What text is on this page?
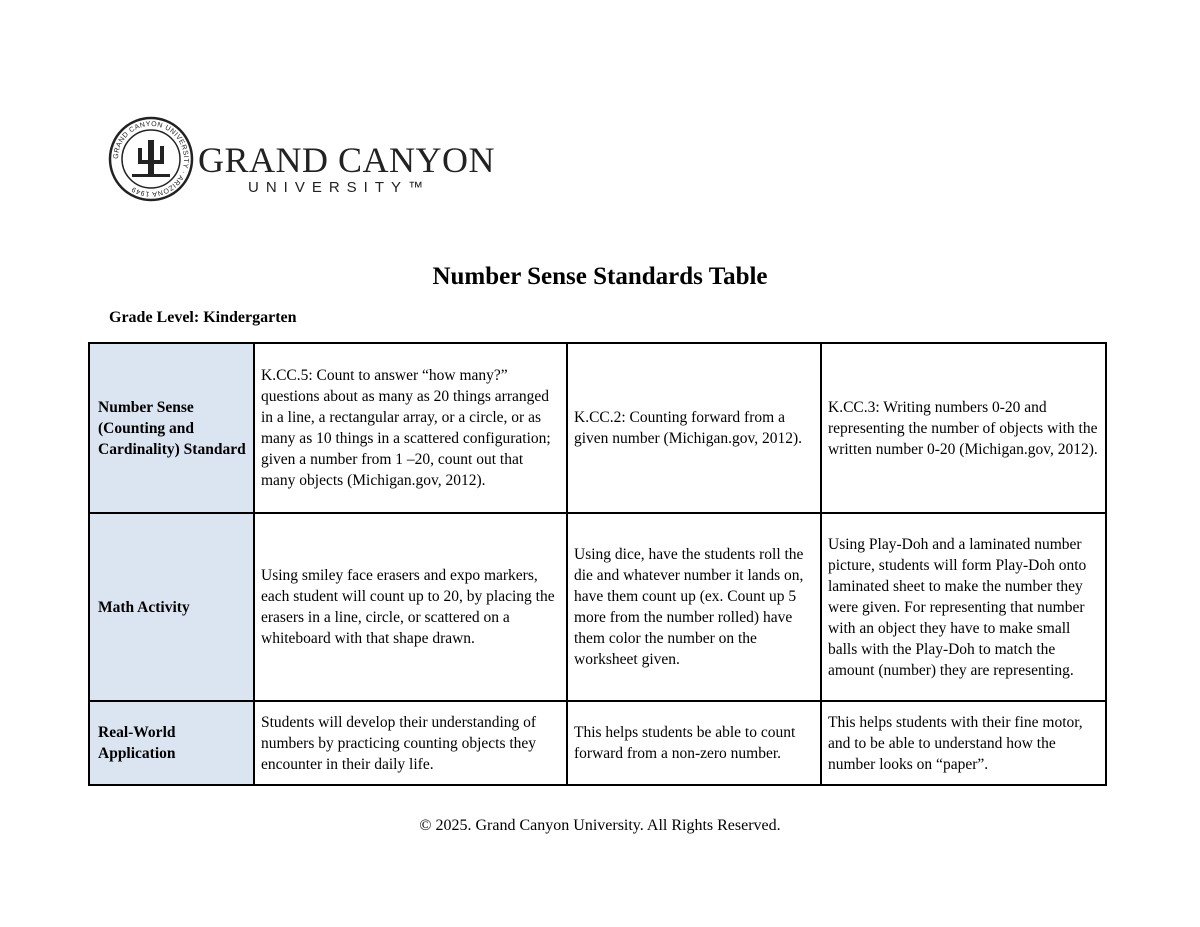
GRAND CANYON UNIVERSITY · ARIZONA 1949
GRAND CANYON
UNIVERSITY™
Number Sense Standards Table
Grade Level: Kindergarten
Number Sense (Counting and Cardinality) Standard	K.CC.5: Count to answer “how many?” questions about as many as 20 things arranged in a line, a rectangular array, or a circle, or as many as 10 things in a scattered configuration; given a number from 1 –20, count out that many objects (Michigan.gov, 2012).	K.CC.2: Counting forward from a given number (Michigan.gov, 2012).	K.CC.3: Writing numbers 0-20 and representing the number of objects with the written number 0-20 (Michigan.gov, 2012).
Math Activity	Using smiley face erasers and expo markers, each student will count up to 20, by placing the erasers in a line, circle, or scattered on a whiteboard with that shape drawn.	Using dice, have the students roll the die and whatever number it lands on, have them count up (ex. Count up 5 more from the number rolled) have them color the number on the worksheet given.	Using Play-Doh and a laminated number picture, students will form Play-Doh onto laminated sheet to make the number they were given. For representing that number with an object they have to make small balls with the Play-Doh to match the amount (number) they are representing.
Real-World Application	Students will develop their understanding of numbers by practicing counting objects they encounter in their daily life.	This helps students be able to count forward from a non-zero number.	This helps students with their fine motor, and to be able to understand how the number looks on “paper”.
© 2025. Grand Canyon University. All Rights Reserved.
